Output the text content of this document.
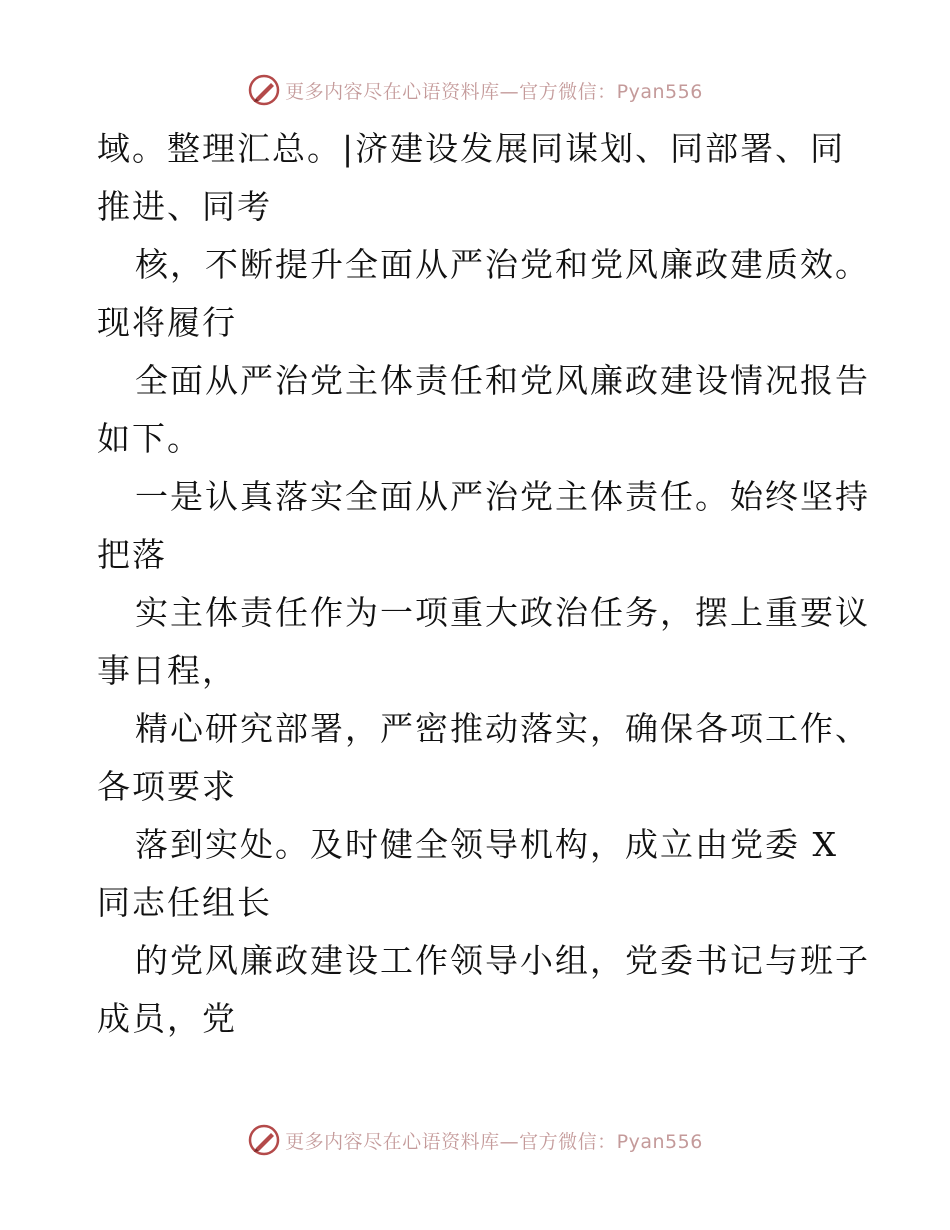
更多内容尽在心语资料库—官方微信：Pyan556
域。整理汇总。|济建设发展同谋划、同部署、同
推进、同考
核，不断提升全面从严治党和党风廉政建质效。
现将履行
全面从严治党主体责任和党风廉政建设情况报告
如下。
一是认真落实全面从严治党主体责任。始终坚持
把落
实主体责任作为一项重大政治任务，摆上重要议
事日程，
精心研究部署，严密推动落实，确保各项工作、
各项要求
落到实处。及时健全领导机构，成立由党委 X
同志任组长
的党风廉政建设工作领导小组，党委书记与班子
成员，党
更多内容尽在心语资料库—官方微信：Pyan556
